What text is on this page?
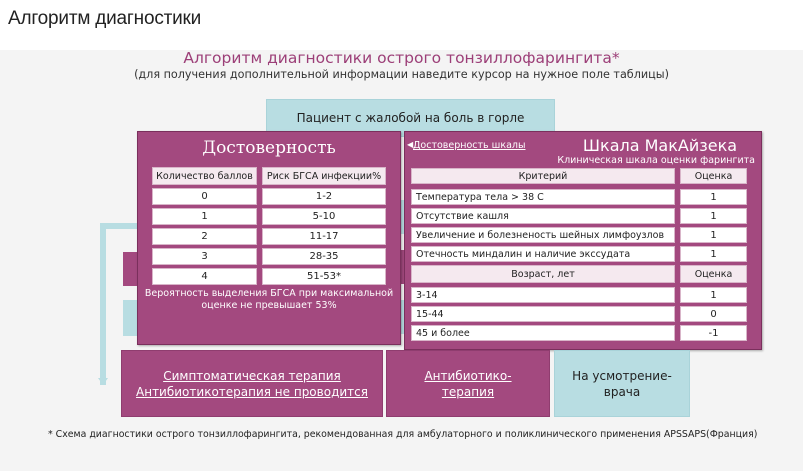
Алгоритм диагностики
Алгоритм диагностики острого тонзиллофарингита*
(для получения дополнительной информации наведите курсор на нужное поле таблицы)
Пациент с жалобой на боль в горле
Достоверность
Количество баллов	Риск БГСА инфекции%
0	1-2
1	5-10
2	11-17
3	28-35
4	51-53*
Вероятность выделения БГСА при максимальной оценке не превышает 53%
◀ Достоверность шкалы	Шкала МакАйзека
Клиническая шкала оценки фарингита
Критерий	Оценка
Температура тела > 38 C	1
Отсутствие кашля	1
Увеличение и болезненость шейных лимфоузлов	1
Отечность миндалин и наличие экссудата	1
Возраст, лет	Оценка
3-14	1
15-44	0
45 и более	-1
Симптоматическая терапия
Антибиотикотерапия не проводится
Антибиотико-
терапия
На усмотрение-
врача
* Схема диагностики острого тонзиллофарингита, рекомендованная для амбулаторного и поликлинического применения APSSAPS(Франция)
